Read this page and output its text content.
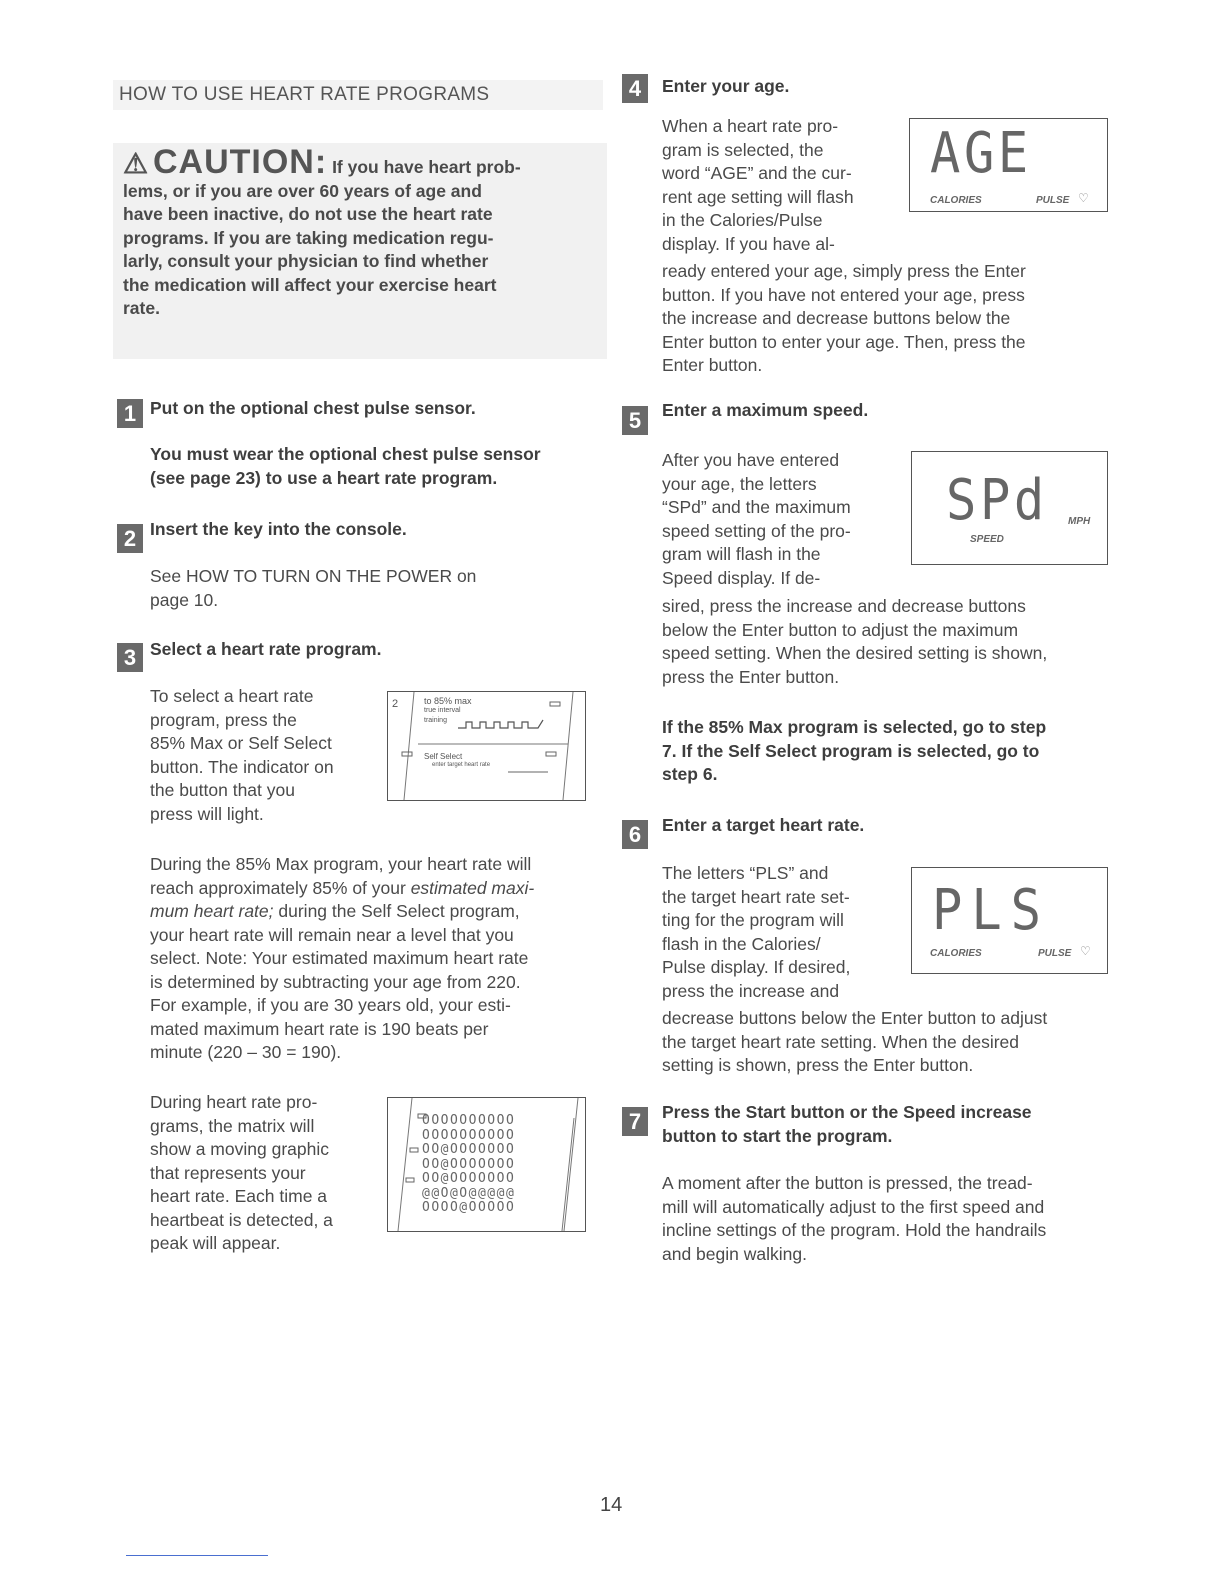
HOW TO USE HEART RATE PROGRAMS
⚠ CAUTION: If you have heart prob-
lems, or if you are over 60 years of age and
have been inactive, do not use the heart rate
programs. If you are taking medication regu-
larly, consult your physician to find whether
the medication will affect your exercise heart
rate.
1 Put on the optional chest pulse sensor.
You must wear the optional chest pulse sensor
(see page 23) to use a heart rate program.
2 Insert the key into the console.
See HOW TO TURN ON THE POWER on
page 10.
3 Select a heart rate program.
To select a heart rate
program, press the
85% Max or Self Select
button. The indicator on
the button that you
press will light.
2	to 85% max
true interval
training
Self Select
enter target heart rate
During the 85% Max program, your heart rate will
reach approximately 85% of your estimated maxi-
mum heart rate; during the Self Select program,
your heart rate will remain near a level that you
select. Note: Your estimated maximum heart rate
is determined by subtracting your age from 220.
For example, if you are 30 years old, your esti-
mated maximum heart rate is 190 beats per
minute (220 – 30 = 190).
During heart rate pro-
grams, the matrix will
show a moving graphic
that represents your
heart rate. Each time a
heartbeat is detected, a
peak will appear.
OOOOOOOOOO
OOOOOOOOOO
OO@OOOOOOO
OO@OOOOOOO
OO@OOOOOOO
@@O@O@@@@@
OOOO@OOOOO
4	Enter your age.
When a heart rate pro-
gram is selected, the
word “AGE” and the cur-
rent age setting will flash
in the Calories/Pulse
display. If you have al-
AGE
CALORIES	PULSE ♡
ready entered your age, simply press the Enter
button. If you have not entered your age, press
the increase and decrease buttons below the
Enter button to enter your age. Then, press the
Enter button.
5	Enter a maximum speed.
After you have entered
your age, the letters
“SPd” and the maximum
speed setting of the pro-
gram will flash in the
Speed display. If de-
SPd MPH
SPEED
sired, press the increase and decrease buttons
below the Enter button to adjust the maximum
speed setting. When the desired setting is shown,
press the Enter button.
If the 85% Max program is selected, go to step
7. If the Self Select program is selected, go to
step 6.
6	Enter a target heart rate.
The letters “PLS” and
the target heart rate set-
ting for the program will
flash in the Calories/
Pulse display. If desired,
press the increase and
PLS
CALORIES	PULSE ♡
decrease buttons below the Enter button to adjust
the target heart rate setting. When the desired
setting is shown, press the Enter button.
7	Press the Start button or the Speed increase
button to start the program.
A moment after the button is pressed, the tread-
mill will automatically adjust to the first speed and
incline settings of the program. Hold the handrails
and begin walking.
14
